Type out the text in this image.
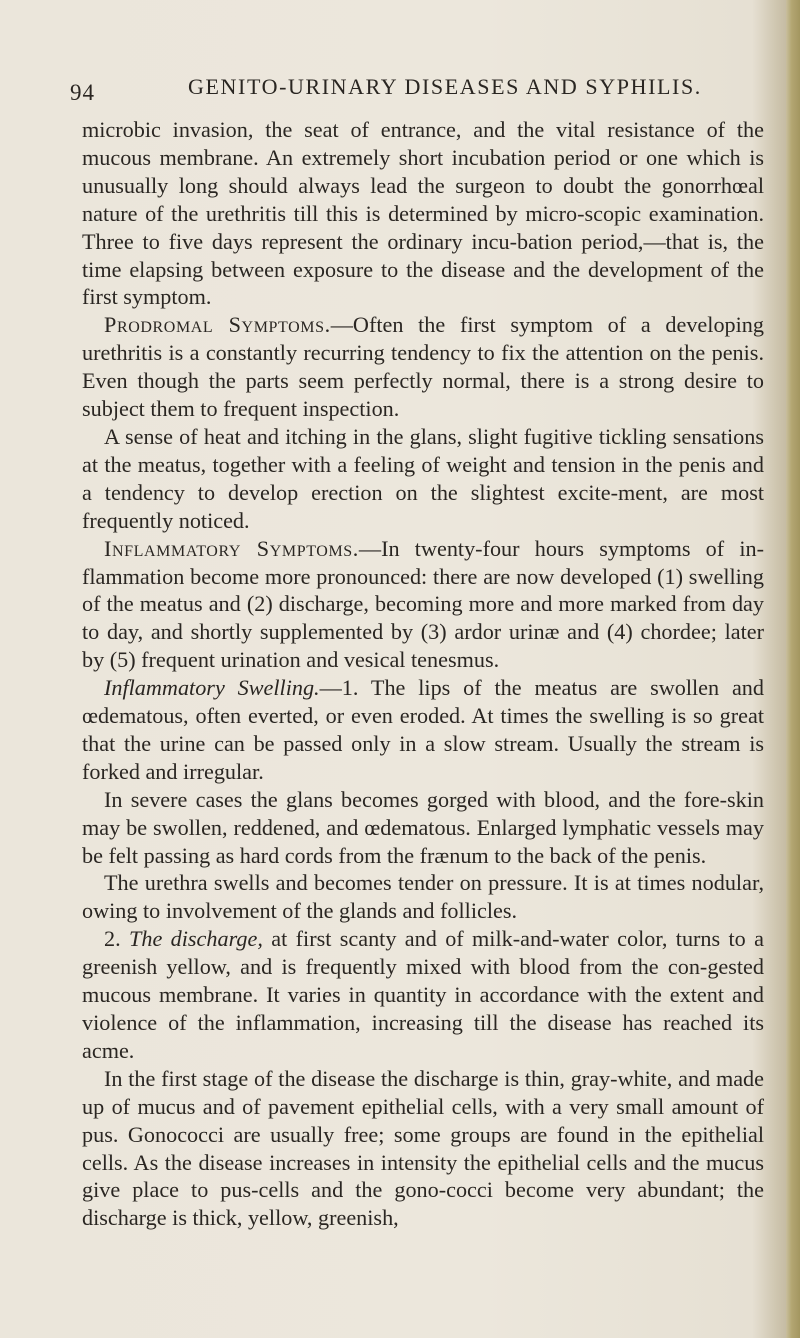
94	GENITO-URINARY DISEASES AND SYPHILIS.

microbic invasion, the seat of entrance, and the vital resistance of the mucous membrane. An extremely short incubation period or one which is unusually long should always lead the surgeon to doubt the gonorrhœal nature of the urethritis till this is determined by micro-scopic examination. Three to five days represent the ordinary incu-bation period,—that is, the time elapsing between exposure to the disease and the development of the first symptom.

Prodromal Symptoms.—Often the first symptom of a developing urethritis is a constantly recurring tendency to fix the attention on the penis. Even though the parts seem perfectly normal, there is a strong desire to subject them to frequent inspection.

A sense of heat and itching in the glans, slight fugitive tickling sensations at the meatus, together with a feeling of weight and tension in the penis and a tendency to develop erection on the slightest excite-ment, are most frequently noticed.

Inflammatory Symptoms.—In twenty-four hours symptoms of in-flammation become more pronounced: there are now developed (1) swelling of the meatus and (2) discharge, becoming more and more marked from day to day, and shortly supplemented by (3) ardor urinæ and (4) chordee; later by (5) frequent urination and vesical tenesmus.

Inflammatory Swelling.—1. The lips of the meatus are swollen and œdematous, often everted, or even eroded. At times the swelling is so great that the urine can be passed only in a slow stream. Usually the stream is forked and irregular.

In severe cases the glans becomes gorged with blood, and the fore-skin may be swollen, reddened, and œdematous. Enlarged lymphatic vessels may be felt passing as hard cords from the frænum to the back of the penis.

The urethra swells and becomes tender on pressure. It is at times nodular, owing to involvement of the glands and follicles.

2. The discharge, at first scanty and of milk-and-water color, turns to a greenish yellow, and is frequently mixed with blood from the con-gested mucous membrane. It varies in quantity in accordance with the extent and violence of the inflammation, increasing till the disease has reached its acme.

In the first stage of the disease the discharge is thin, gray-white, and made up of mucus and of pavement epithelial cells, with a very small amount of pus. Gonococci are usually free; some groups are found in the epithelial cells. As the disease increases in intensity the epithelial cells and the mucus give place to pus-cells and the gono-cocci become very abundant; the discharge is thick, yellow, greenish,
